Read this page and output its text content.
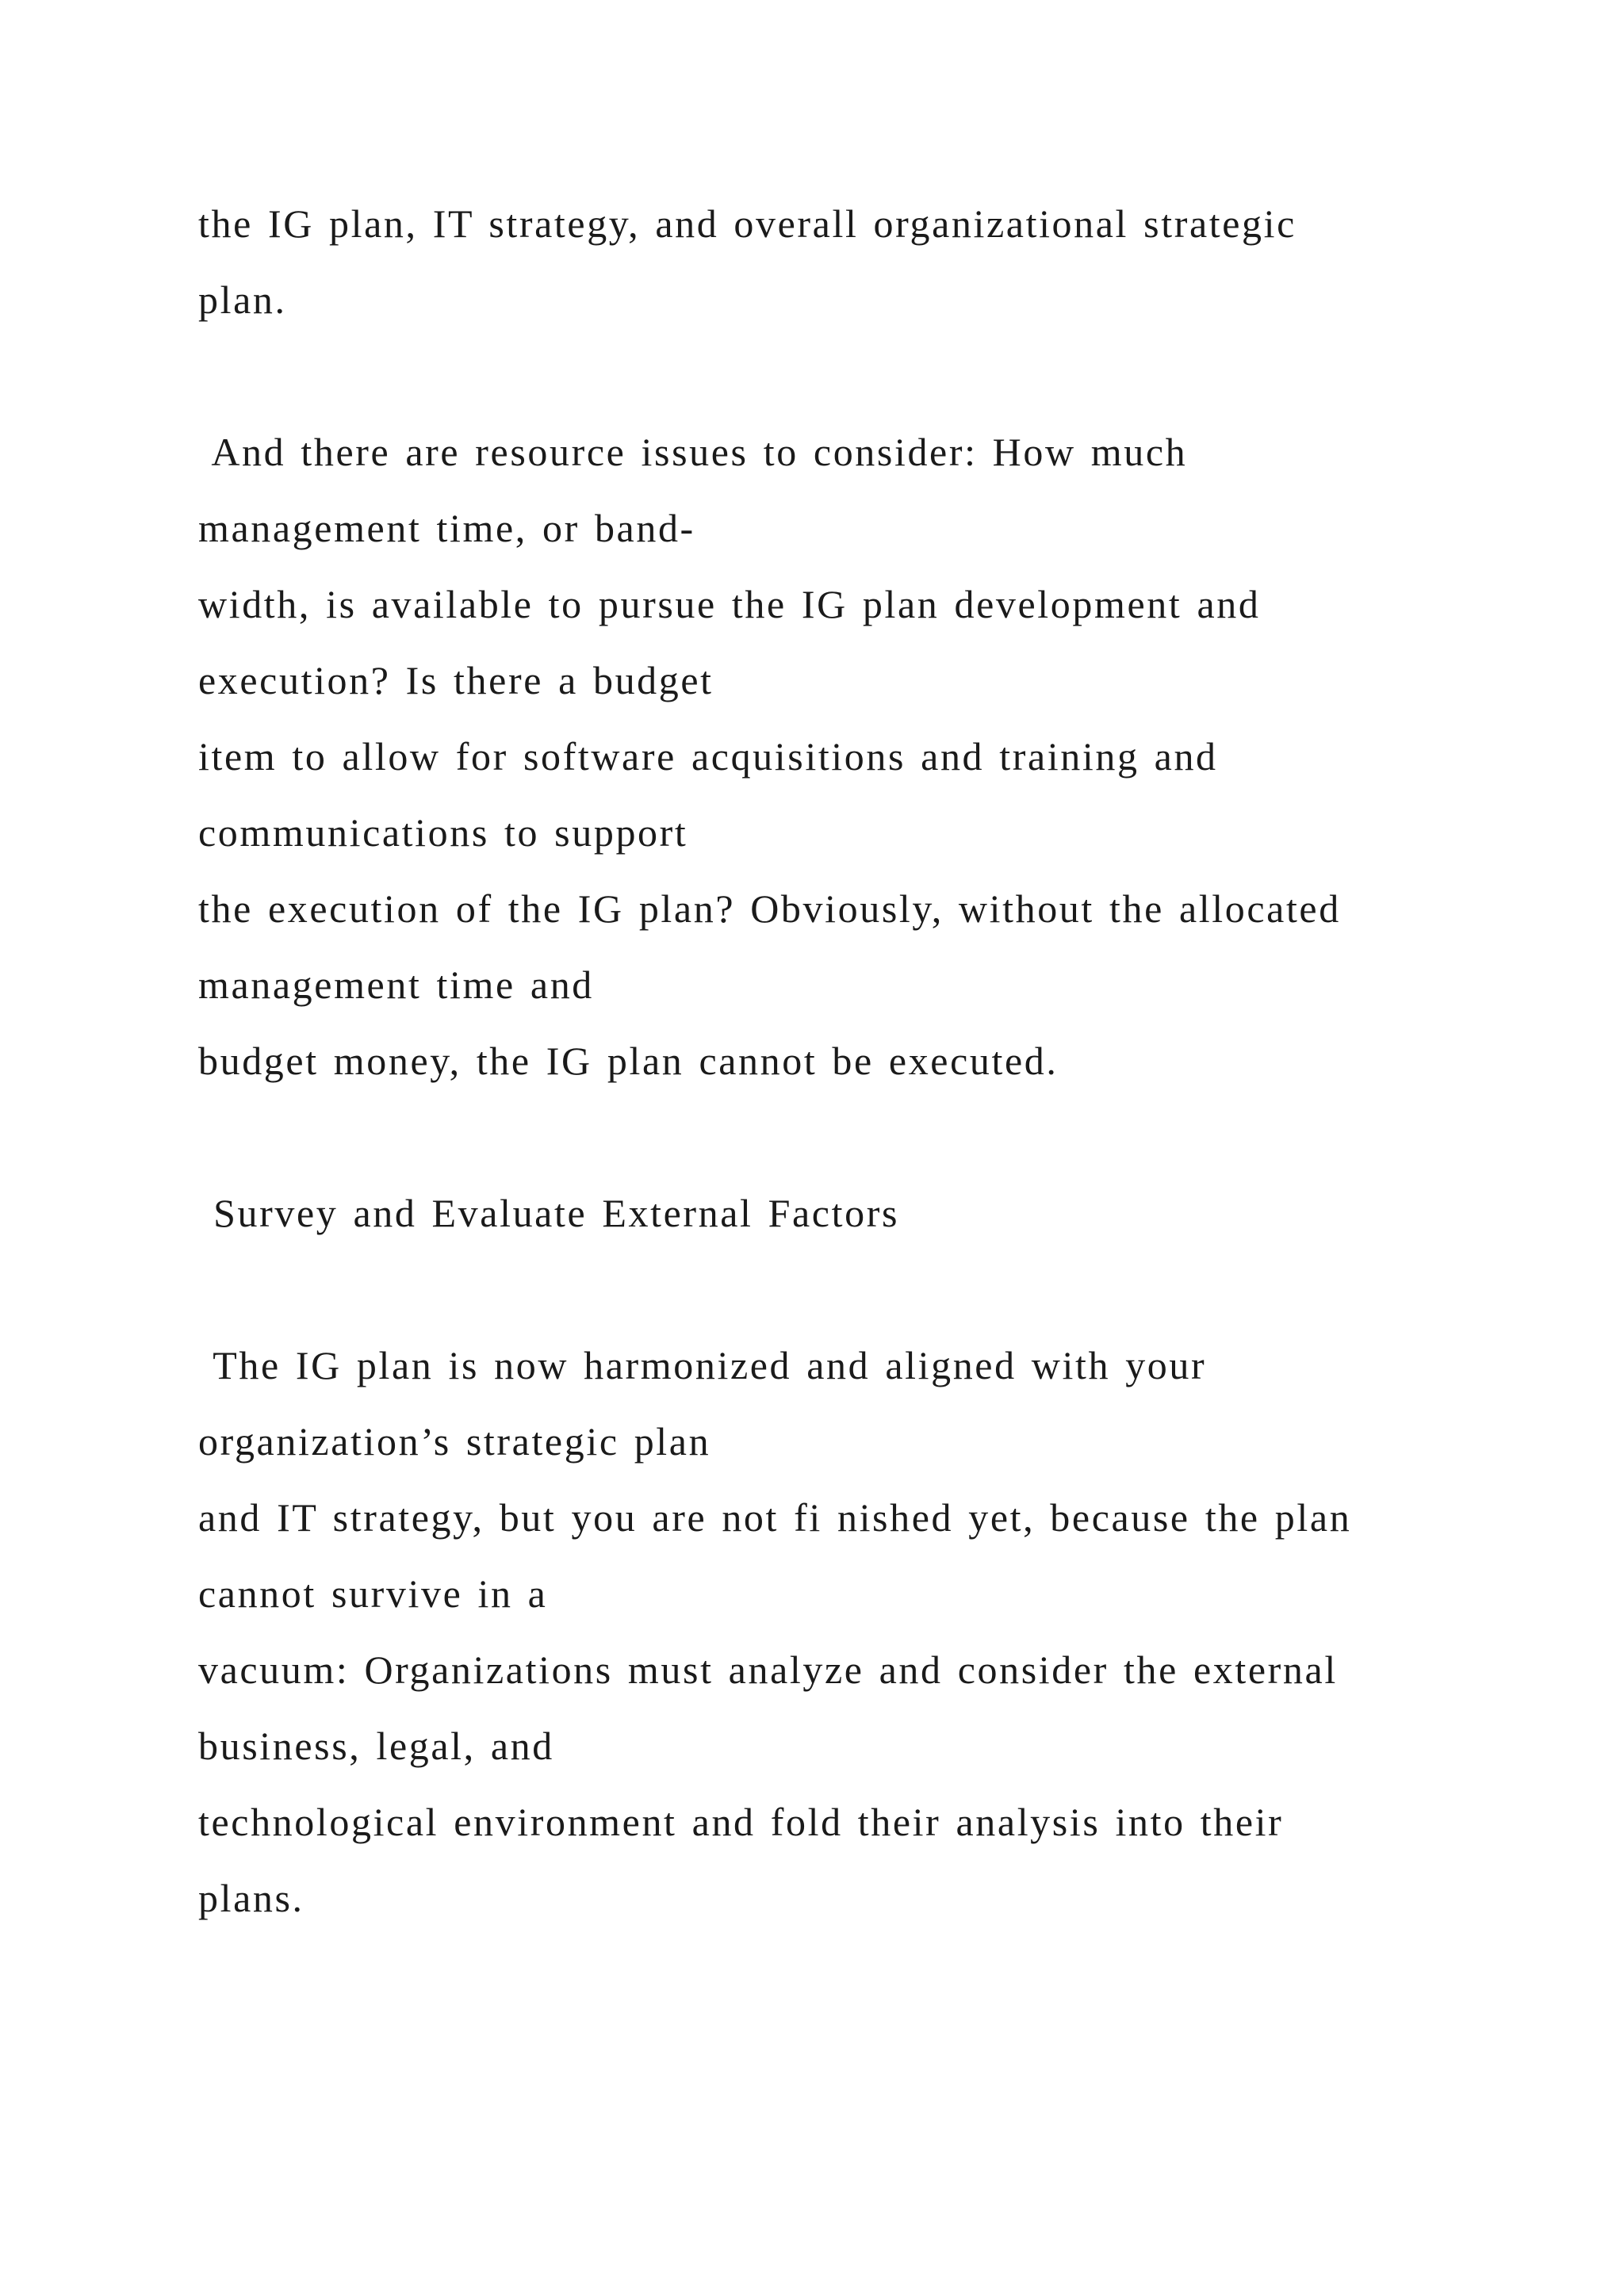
the IG plan, IT strategy, and overall organizational strategic
plan.
And there are resource issues to consider: How much
management time, or band-
width, is available to pursue the IG plan development and
execution? Is there a budget
item to allow for software acquisitions and training and
communications to support
the execution of the IG plan? Obviously, without the allocated
management time and
budget money, the IG plan cannot be executed.
Survey and Evaluate External Factors
The IG plan is now harmonized and aligned with your
organization’s strategic plan
and IT strategy, but you are not fi nished yet, because the plan
cannot survive in a
vacuum: Organizations must analyze and consider the external
business, legal, and
technological environment and fold their analysis into their
plans.
